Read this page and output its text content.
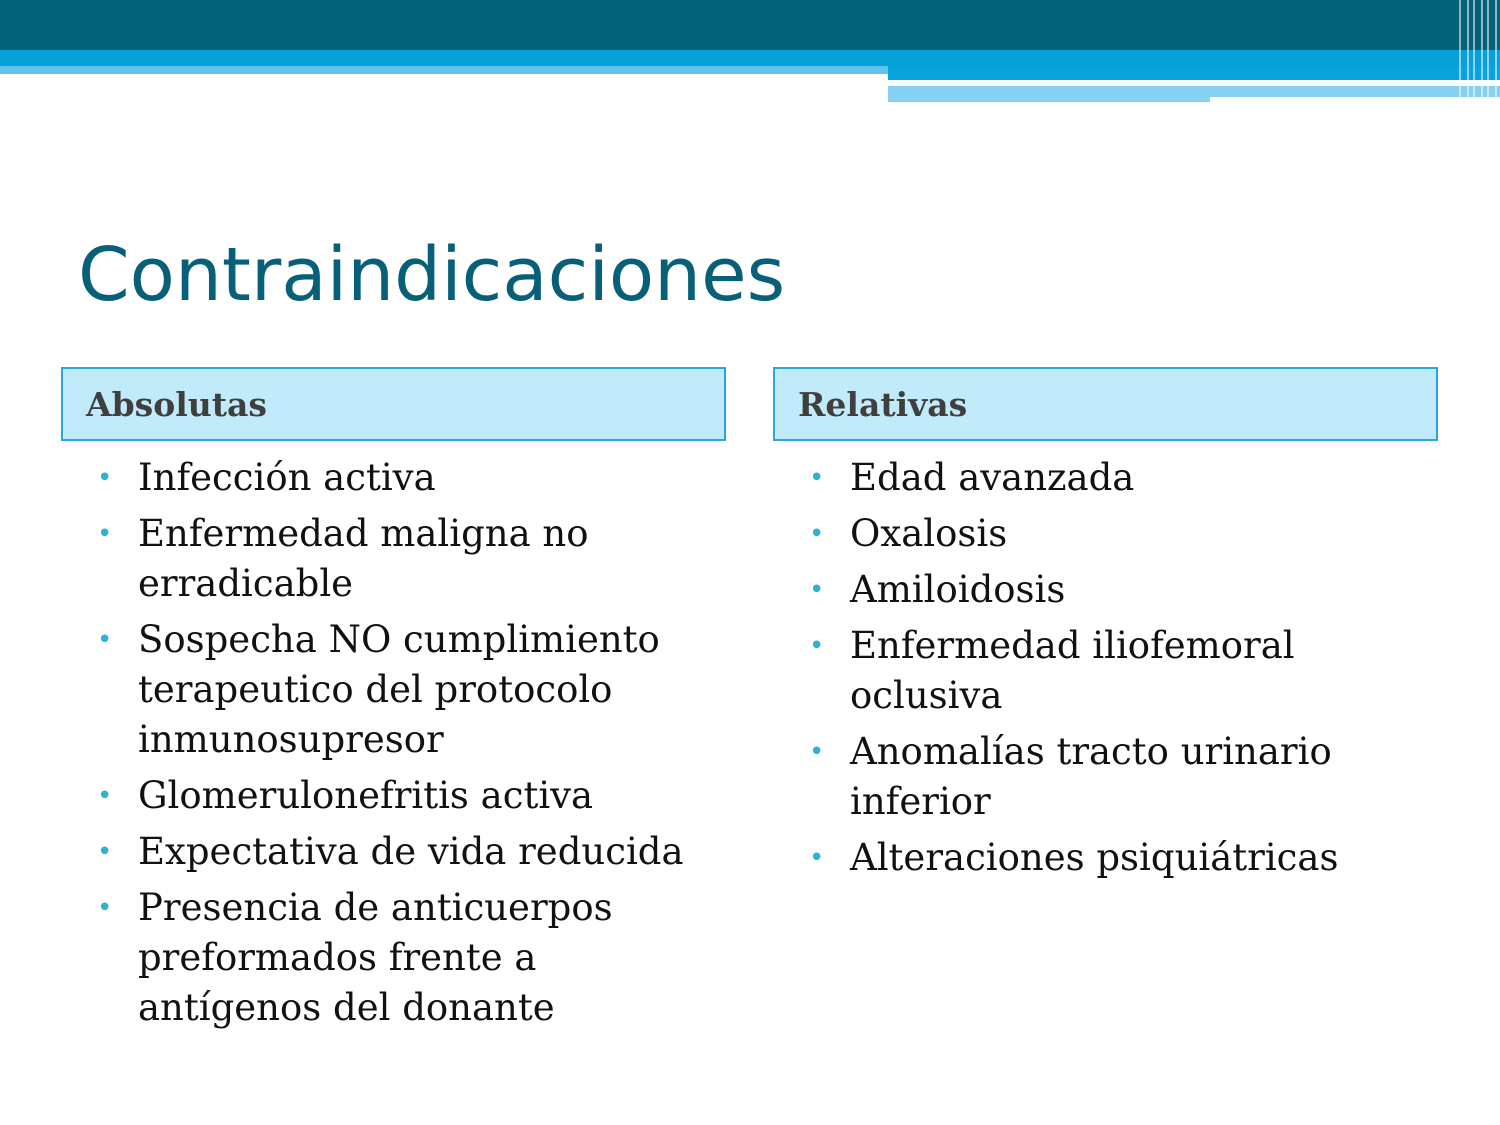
Contraindicaciones
Absolutas
• Infección activa
• Enfermedad maligna no erradicable
• Sospecha NO cumplimiento terapeutico del protocolo inmunosupresor
• Glomerulonefritis activa
• Expectativa de vida reducida
• Presencia de anticuerpos preformados frente a antígenos del donante
Relativas
• Edad avanzada
• Oxalosis
• Amiloidosis
• Enfermedad iliofemoral oclusiva
• Anomalías tracto urinario inferior
• Alteraciones psiquiátricas
